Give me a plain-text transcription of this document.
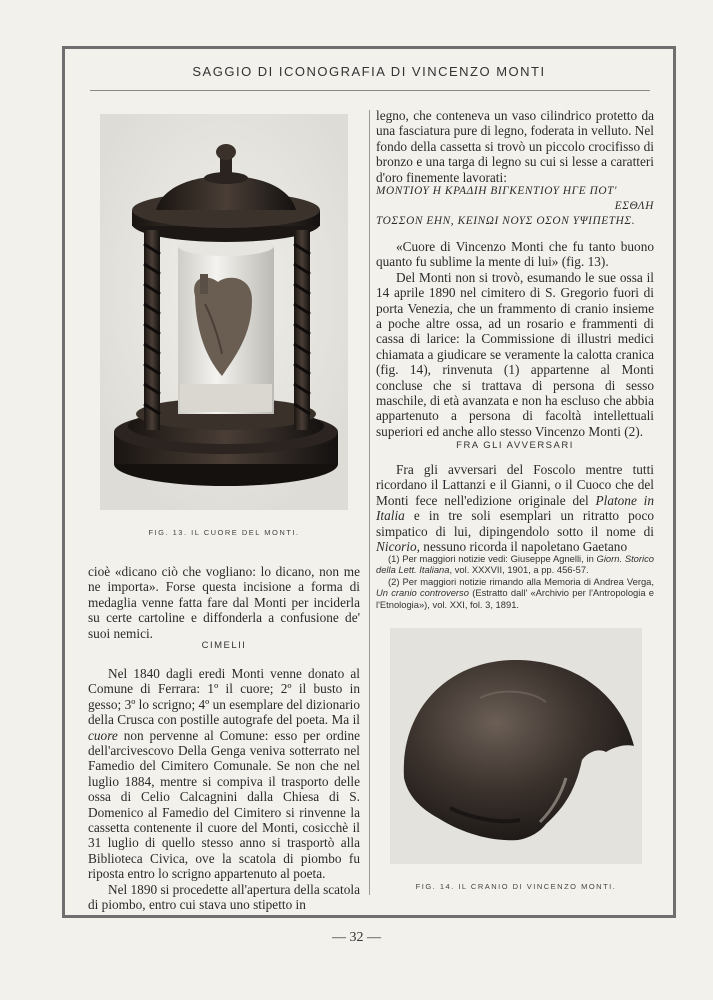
SAGGIO DI ICONOGRAFIA DI VINCENZO MONTI
FIG. 13. IL CUORE DEL MONTI.

cioè «dicano ciò che vogliano: lo dicano, non me ne importa». Forse questa incisione a forma di medaglia venne fatta fare dal Monti per inciderla su certe cartoline e diffonderla a confusione de' suoi nemici.

CIMELII

Nel 1840 dagli eredi Monti venne donato al Comune di Ferrara: 1º il cuore; 2º il busto in gesso; 3º lo scrigno; 4º un esemplare del dizionario della Crusca con postille autografe del poeta. Ma il cuore non pervenne al Comune: esso per ordine dell'arcivescovo Della Genga veniva sotterrato nel Famedio del Cimitero Comunale. Se non che nel luglio 1884, mentre si compiva il trasporto delle ossa di Celio Calcagnini dalla Chiesa di S. Domenico al Famedio del Cimitero si rinvenne la cassetta contenente il cuore del Monti, cosicchè il 31 luglio di quello stesso anno si trasportò alla Biblioteca Civica, ove la scatola di piombo fu riposta entro lo scrigno appartenuto al poeta.

Nel 1890 si procedette all'apertura della scatola di piombo, entro cui stava uno stipetto in

legno, che conteneva un vaso cilindrico protetto da una fasciatura pure di legno, foderata in velluto. Nel fondo della cassetta si trovò un piccolo crocifisso di bronzo e una targa di legno su cui si lesse a caratteri d'oro finemente lavorati:

ΜΟΝΤΙΟΥ Η ΚΡΑΔΙΗ ΒΙΓΚΕΝΤΙΟΥ ΗΓΕ ΠΟΤ'
ΕΣΘΛΗ
ΤΟΣΣΟΝ ΕΗΝ, ΚΕΙΝΩΙ ΝΟΥΣ ΟΣΟΝ ΥΨΙΠΕΤΗΣ.

«Cuore di Vincenzo Monti che fu tanto buono quanto fu sublime la mente di lui» (fig. 13).

Del Monti non si trovò, esumando le sue ossa il 14 aprile 1890 nel cimitero di S. Gregorio fuori di porta Venezia, che un frammento di cranio insieme a poche altre ossa, ad un rosario e frammenti di cassa di larice: la Commissione di illustri medici chiamata a giudicare se veramente la calotta cranica (fig. 14), rinvenuta (1) appartenne al Monti concluse che si trattava di persona di sesso maschile, di età avanzata e non ha escluso che abbia appartenuto a persona di facoltà intellettuali superiori ed anche allo stesso Vincenzo Monti (2).

FRA GLI AVVERSARI

Fra gli avversari del Foscolo mentre tutti ricordano il Lattanzi e il Gianni, o il Cuoco che del Monti fece nell'edizione originale del Platone in Italia e in tre soli esemplari un ritratto poco simpatico di lui, dipingendolo sotto il nome di Nicorio, nessuno ricorda il napoletano Gaetano

(1) Per maggiori notizie vedi: Giuseppe Agnelli, in Giorn. Storico della Lett. Italiana, vol. XXXVII, 1901, a pp. 456-57.

(2) Per maggiori notizie rimando alla Memoria di Andrea Verga, Un cranio controverso (Estratto dall' «Archivio per l'Antropologia e l'Etnologia»), vol. XXI, fol. 3, 1891.

FIG. 14. IL CRANIO DI VINCENZO MONTI.
— 32 —
